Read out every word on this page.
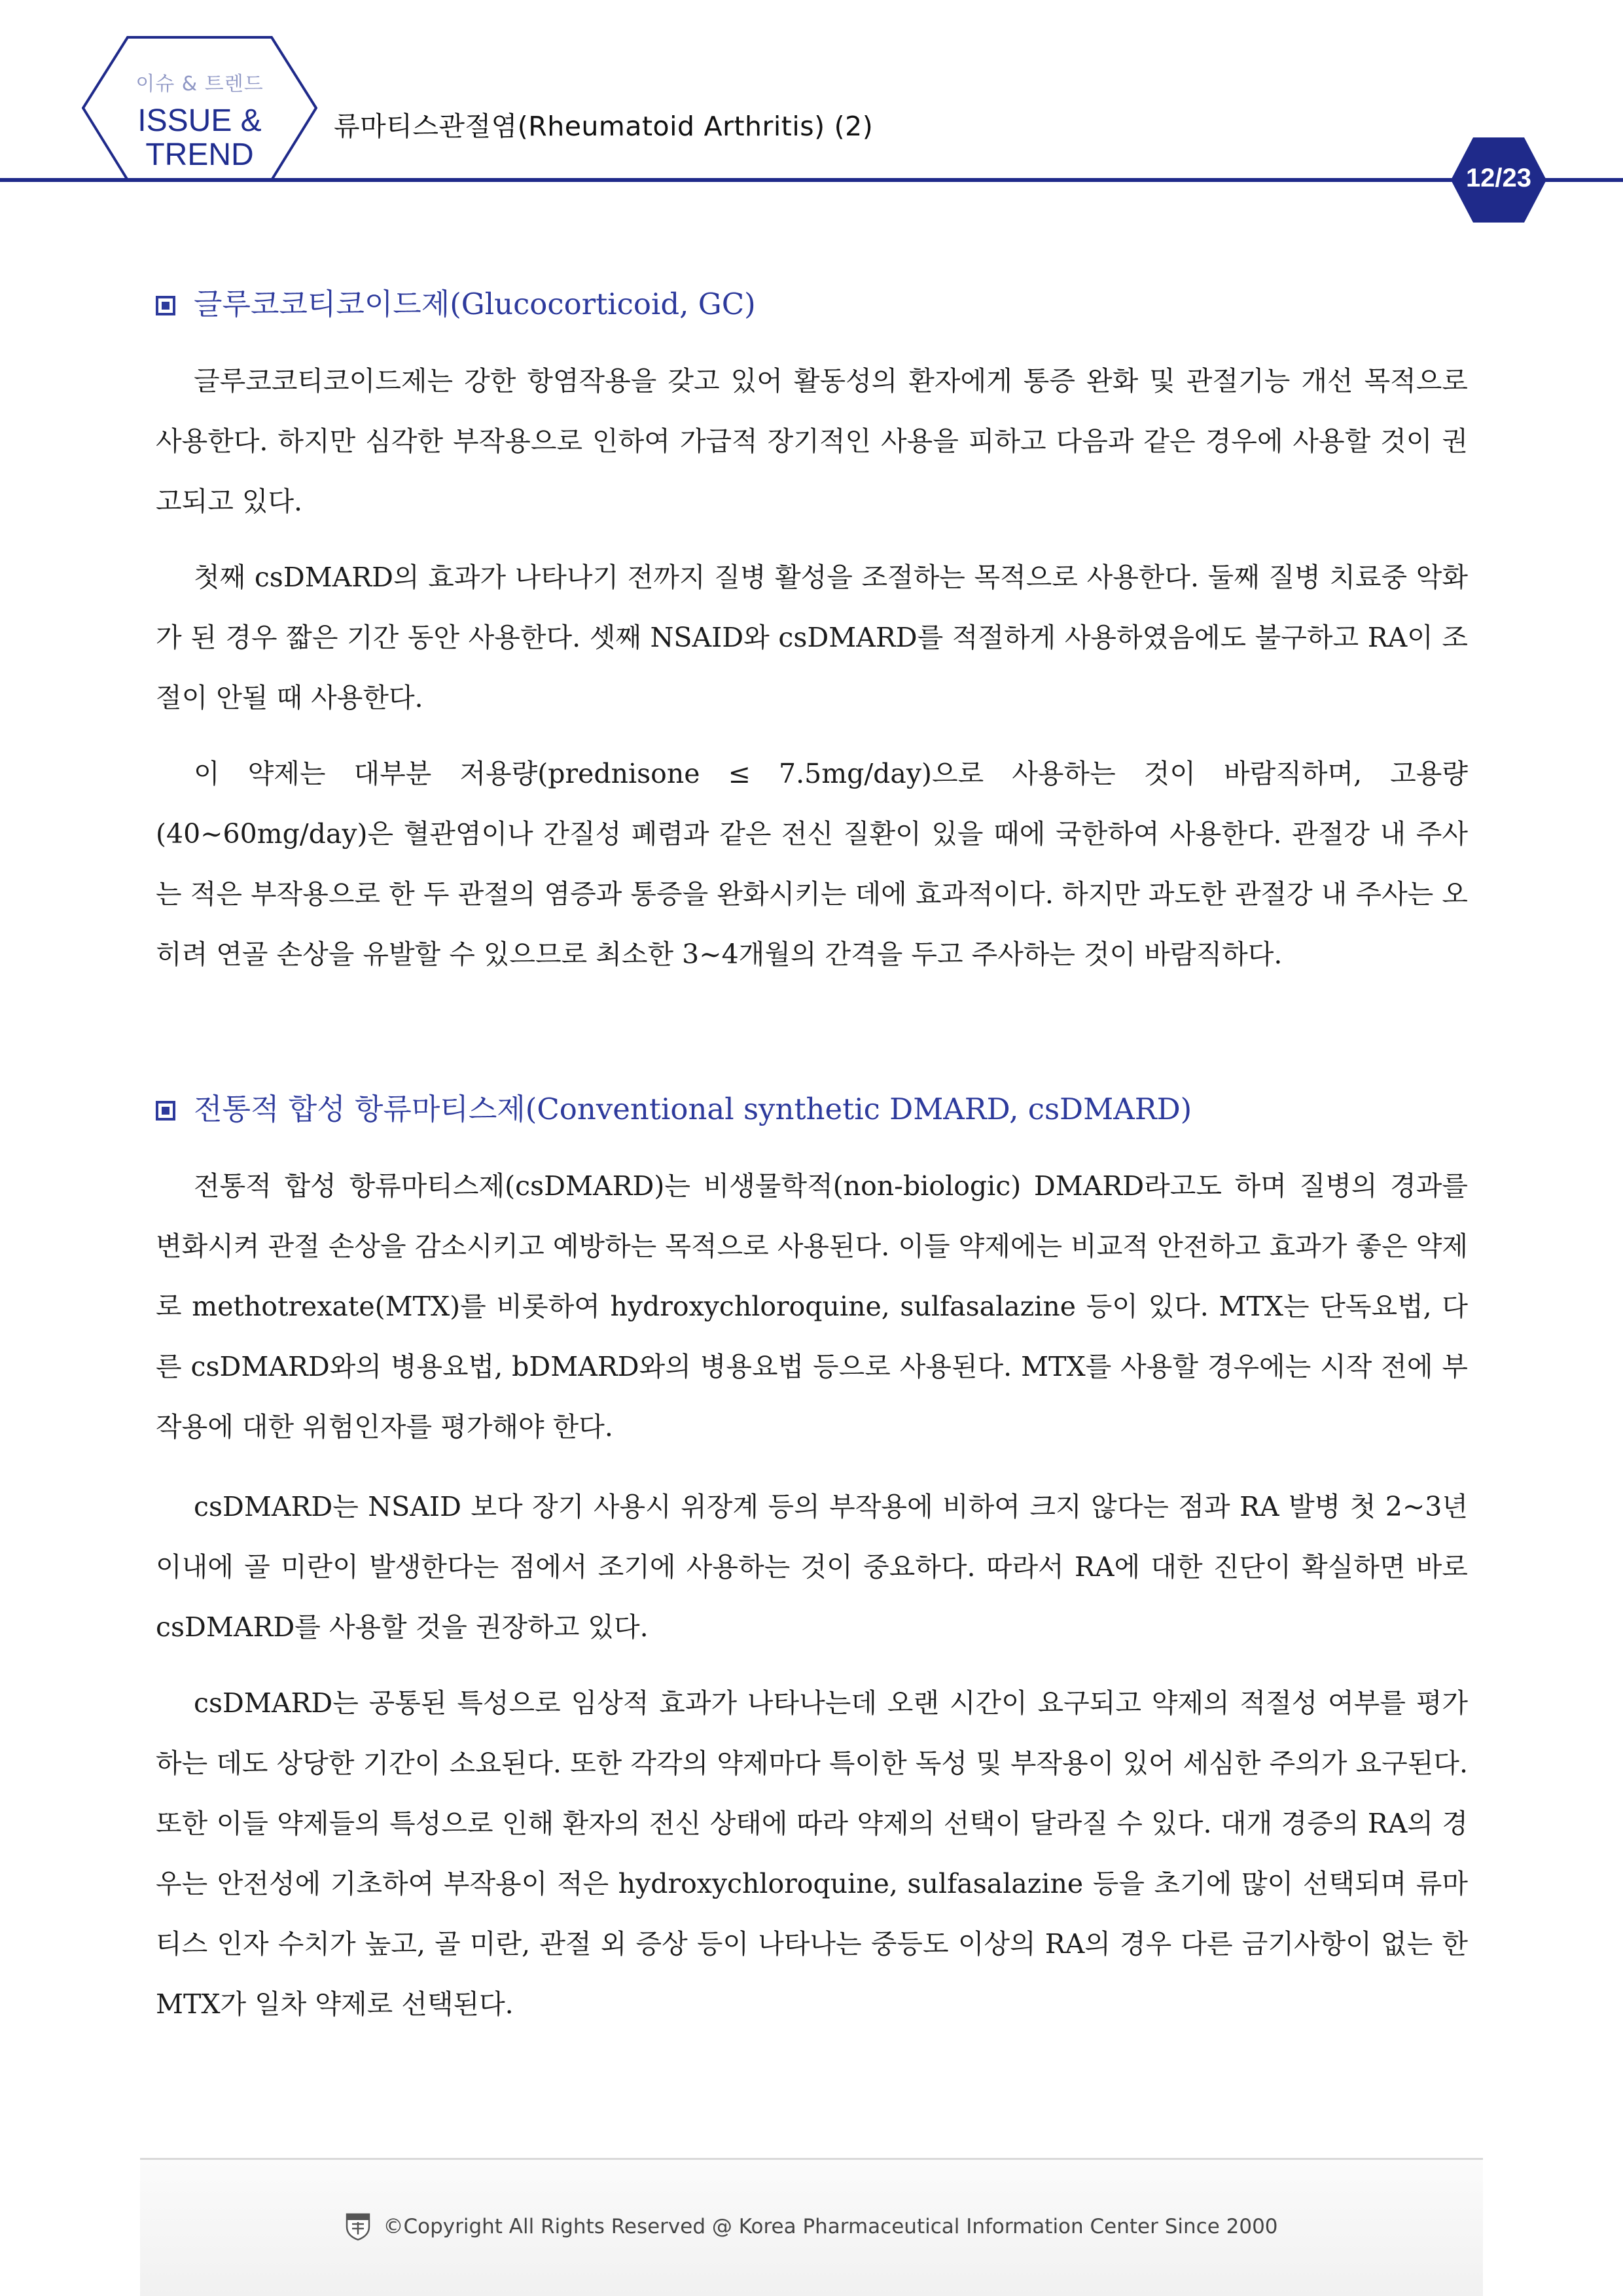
이슈 & 트렌드
ISSUE &
TREND
류마티스관절염(Rheumatoid Arthritis) (2)
12/23
글루코코티코이드제(Glucocorticoid, GC)

글루코코티코이드제는 강한 항염작용을 갖고 있어 활동성의 환자에게 통증 완화 및 관절기능 개선 목적으로 사용한다. 하지만 심각한 부작용으로 인하여 가급적 장기적인 사용을 피하고 다음과 같은 경우에 사용할 것이 권고되고 있다.

첫째 csDMARD의 효과가 나타나기 전까지 질병 활성을 조절하는 목적으로 사용한다. 둘째 질병 치료중 악화가 된 경우 짧은 기간 동안 사용한다. 셋째 NSAID와 csDMARD를 적절하게 사용하였음에도 불구하고 RA이 조절이 안될 때 사용한다.

이 약제는 대부분 저용량(prednisone ≤ 7.5mg/day)으로 사용하는 것이 바람직하며, 고용량(40∼60mg/day)은 혈관염이나 간질성 폐렴과 같은 전신 질환이 있을 때에 국한하여 사용한다. 관절강 내 주사는 적은 부작용으로 한 두 관절의 염증과 통증을 완화시키는 데에 효과적이다. 하지만 과도한 관절강 내 주사는 오히려 연골 손상을 유발할 수 있으므로 최소한 3∼4개월의 간격을 두고 주사하는 것이 바람직하다.

전통적 합성 항류마티스제(Conventional synthetic DMARD, csDMARD)

전통적 합성 항류마티스제(csDMARD)는 비생물학적(non-biologic) DMARD라고도 하며 질병의 경과를 변화시켜 관절 손상을 감소시키고 예방하는 목적으로 사용된다. 이들 약제에는 비교적 안전하고 효과가 좋은 약제로 methotrexate(MTX)를 비롯하여 hydroxychloroquine, sulfasalazine 등이 있다. MTX는 단독요법, 다른 csDMARD와의 병용요법, bDMARD와의 병용요법 등으로 사용된다. MTX를 사용할 경우에는 시작 전에 부작용에 대한 위험인자를 평가해야 한다.

csDMARD는 NSAID 보다 장기 사용시 위장계 등의 부작용에 비하여 크지 않다는 점과 RA 발병 첫 2~3년 이내에 골 미란이 발생한다는 점에서 조기에 사용하는 것이 중요하다. 따라서 RA에 대한 진단이 확실하면 바로 csDMARD를 사용할 것을 권장하고 있다.

csDMARD는 공통된 특성으로 임상적 효과가 나타나는데 오랜 시간이 요구되고 약제의 적절성 여부를 평가하는 데도 상당한 기간이 소요된다. 또한 각각의 약제마다 특이한 독성 및 부작용이 있어 세심한 주의가 요구된다. 또한 이들 약제들의 특성으로 인해 환자의 전신 상태에 따라 약제의 선택이 달라질 수 있다. 대개 경증의 RA의 경우는 안전성에 기초하여 부작용이 적은 hydroxychloroquine, sulfasalazine 등을 초기에 많이 선택되며 류마티스 인자 수치가 높고, 골 미란, 관절 외 증상 등이 나타나는 중등도 이상의 RA의 경우 다른 금기사항이 없는 한 MTX가 일차 약제로 선택된다.

©Copyright All Rights Reserved @ Korea Pharmaceutical Information Center Since 2000
